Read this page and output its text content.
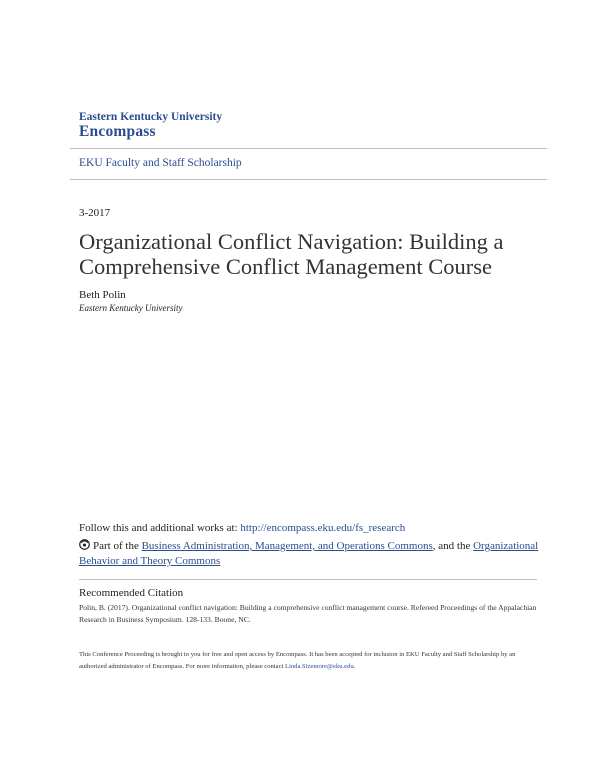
Eastern Kentucky University
Encompass
EKU Faculty and Staff Scholarship
3-2017
Organizational Conflict Navigation: Building a Comprehensive Conflict Management Course
Beth Polin
Eastern Kentucky University
Follow this and additional works at: http://encompass.eku.edu/fs_research
Part of the Business Administration, Management, and Operations Commons, and the Organizational Behavior and Theory Commons
Recommended Citation
Polin, B. (2017). Organizational conflict navigation: Building a comprehensive conflict management course. Refereed Proceedings of the Appalachian Research in Business Symposium. 128-133. Boone, NC.
This Conference Proceeding is brought to you for free and open access by Encompass. It has been accepted for inclusion in EKU Faculty and Staff Scholarship by an authorized administrator of Encompass. For more information, please contact Linda.Sizemore@eku.edu.
